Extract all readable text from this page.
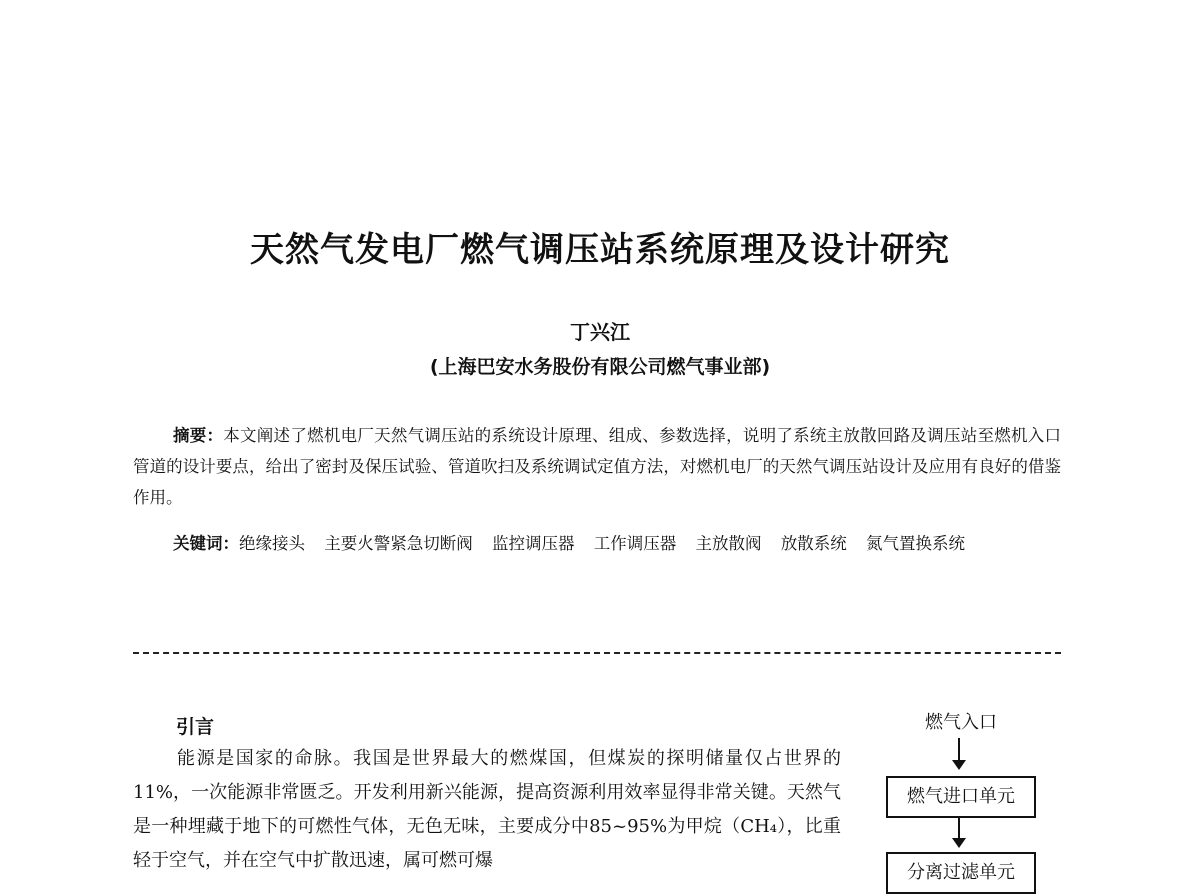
天然气发电厂燃气调压站系统原理及设计研究
丁兴江
(上海巴安水务股份有限公司燃气事业部)

摘要：本文阐述了燃机电厂天然气调压站的系统设计原理、组成、参数选择，说明了系统主放散回路及调压站至燃机入口管道的设计要点，给出了密封及保压试验、管道吹扫及系统调试定值方法，对燃机电厂的天然气调压站设计及应用有良好的借鉴作用。

关键词：绝缘接头 主要火警紧急切断阀 监控调压器 工作调压器 主放散阀 放散系统 氮气置换系统

引言

能源是国家的命脉。我国是世界最大的燃煤国，但煤炭的探明储量仅占世界的11%，一次能源非常匮乏。开发利用新兴能源，提高资源利用效率显得非常关键。天然气是一种埋藏于地下的可燃性气体，无色无味，主要成分中85~95%为甲烷（CH₄），比重轻于空气，并在空气中扩散迅速，属可燃可爆

燃气入口
燃气进口单元
分离过滤单元
